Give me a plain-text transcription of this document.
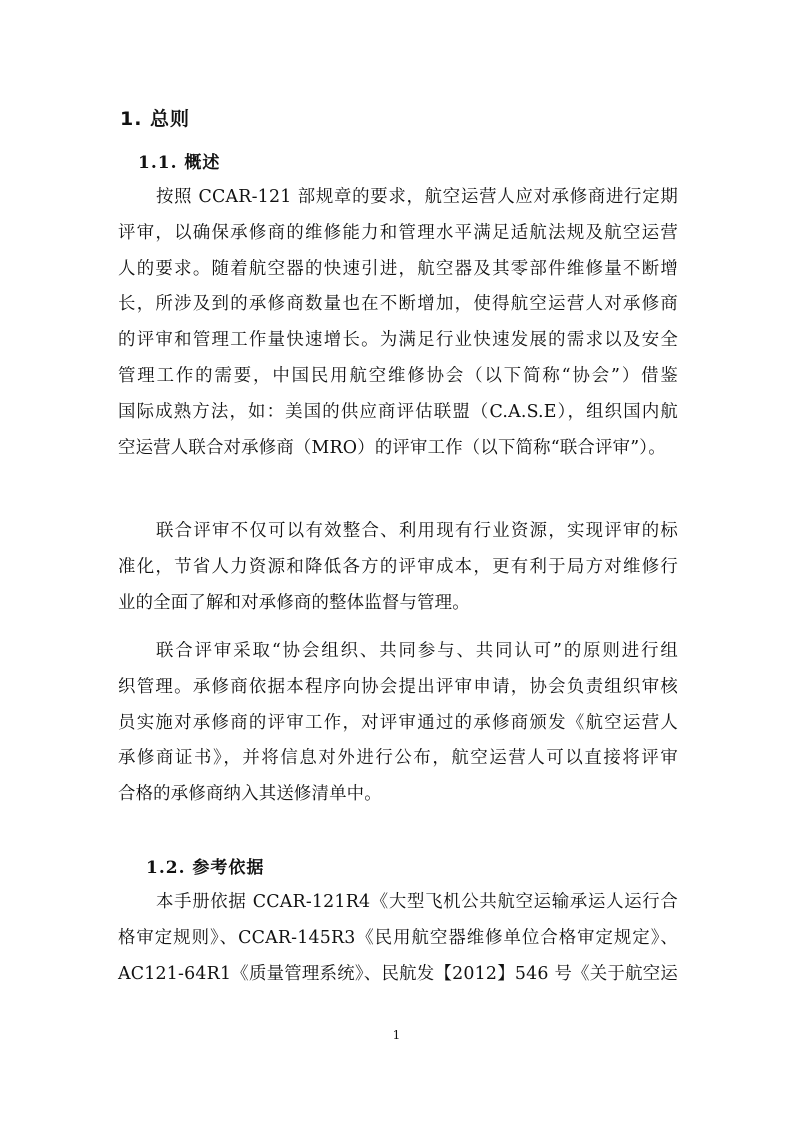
1. 总则
1.1. 概述

按照 CCAR-121 部规章的要求，航空运营人应对承修商进行定期
评审，以确保承修商的维修能力和管理水平满足适航法规及航空运营
人的要求。随着航空器的快速引进，航空器及其零部件维修量不断增
长，所涉及到的承修商数量也在不断增加，使得航空运营人对承修商
的评审和管理工作量快速增长。为满足行业快速发展的需求以及安全
管理工作的需要，中国民用航空维修协会（以下简称“协会”）借鉴
国际成熟方法，如：美国的供应商评估联盟（C.A.S.E），组织国内航
空运营人联合对承修商（MRO）的评审工作（以下简称“联合评审”）。

联合评审不仅可以有效整合、利用现有行业资源，实现评审的标
准化，节省人力资源和降低各方的评审成本，更有利于局方对维修行
业的全面了解和对承修商的整体监督与管理。

联合评审采取“协会组织、共同参与、共同认可”的原则进行组
织管理。承修商依据本程序向协会提出评审申请，协会负责组织审核
员实施对承修商的评审工作，对评审通过的承修商颁发《航空运营人
承修商证书》，并将信息对外进行公布，航空运营人可以直接将评审
合格的承修商纳入其送修清单中。

1.2. 参考依据

本手册依据 CCAR-121R4《大型飞机公共航空运输承运人运行合
格审定规则》、CCAR-145R3《民用航空器维修单位合格审定规定》、
AC121-64R1《质量管理系统》、民航发【2012】546 号《关于航空运

1
